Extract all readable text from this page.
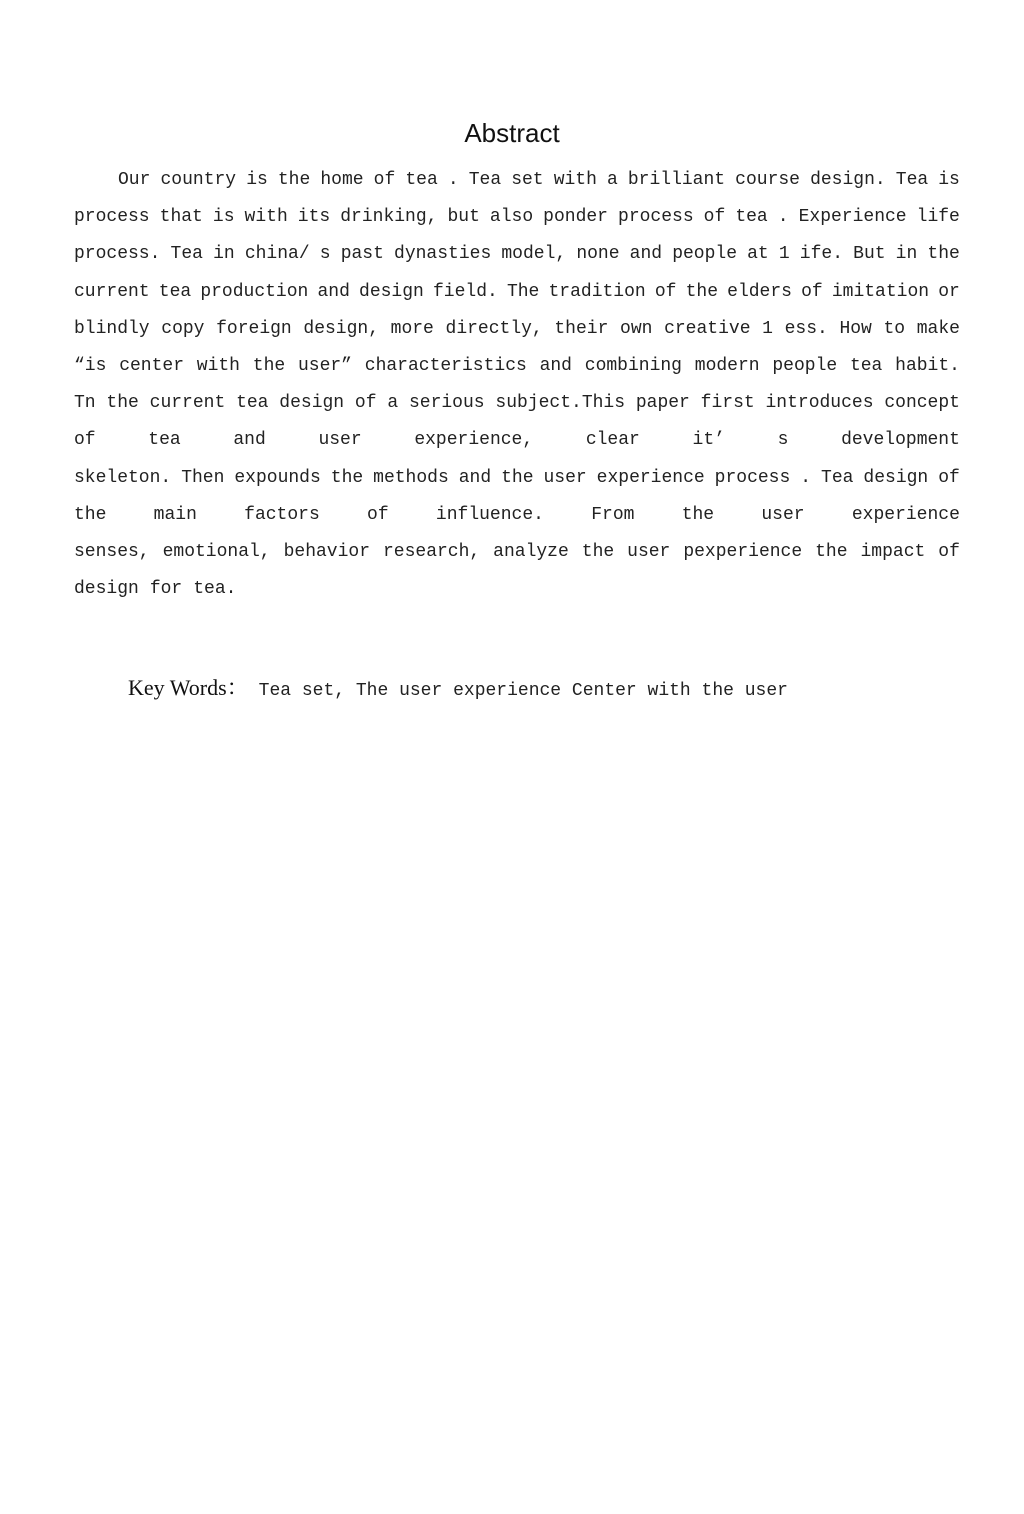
Abstract
Our country is the home of tea . Tea set with a brilliant course design. Tea is
process that is with its drinking, but also ponder process of tea . Experience life
process. Tea in china/ s past dynasties model, none and people at 1 ife. But in the
current tea production and design field. The tradition of the elders of imitation or
blindly copy foreign design, more directly, their own creative 1 ess. How to make
“is center with the user” characteristics and combining modern people tea habit.
Tn the current tea design of a serious subject.This paper first introduces concept
of	tea	and	user	experience,	clear	it’	s	development
skeleton. Then expounds the methods and the user experience process . Tea design of
the	main	factors	of	influence.	From	the	user	experience
senses, emotional, behavior research, analyze the user pexperience the impact of
design for tea.
Key Words： Tea set, The user experience Center with the user
